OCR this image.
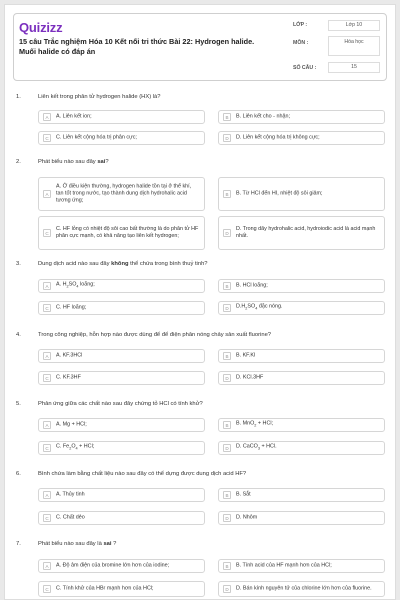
Quizizz
15 câu Trắc nghiệm Hóa 10 Kết nối tri thức Bài 22: Hydrogen halide. Muối halide có đáp án
LỚP :	Lớp 10
MÔN :	Hóa học
SỐ CÂU :	15
1.	Liên kết trong phân tử hydrogen halide (HX) là?
A	A. Liên kết ion;	B	B. Liên kết cho - nhận;
C	C. Liên kết cộng hóa trị phân cực;	D	D. Liên kết cộng hóa trị không cực;
2.	Phát biểu nào sau đây sai?
A
A. Ở điều kiện thường, hydrogen halide tồn tại ở thể khí, tan tốt trong nước, tạo thành dung dịch hydrohalic acid tương ứng;
B	B. Từ HCl đến HI, nhiệt độ sôi giảm;
C
C. HF lỏng có nhiệt độ sôi cao bất thường là do phân tử HF phân cực mạnh, có khả năng tạo liên kết hydrogen;	D
D. Trong dãy hydrohalic acid, hydroiodic acid là acid mạnh nhất.
3.	Dung dịch acid nào sau đây không thể chứa trong bình thuỷ tinh?
A	A. $H_2SO_4$ loãng;	B	B. HCl loãng;
C	C. HF loãng;	D	$D.H_2SO_4$ đặc nóng.
4.	Trong công nghiệp, hỗn hợp nào được dùng để để điện phân nóng chảy sản xuất fluorine?
A	A. KF.3HCl	B	B. KF.KI
C	C. KF.3HF	D	D. KCl.3HF
5.	Phản ứng giữa các chất nào sau đây chứng tỏ HCl có tính khử?
A	A. Mg + HCl;	B	B. MnO$_2$ + HCl;
C	C. $Fe_2O_4$ + HCl;	D	D. CaCO$_3$ + HCl.
6.	Bình chứa làm bằng chất liệu nào sau đây có thể dựng được dung dịch acid HF?
A	A. Thủy tinh	B	B. Sắt
C	C. Chất dẻo	D	D. Nhôm
7.	Phát biểu nào sau đây là sai ?
A	A. Độ âm điện của bromine lớn hơn của iodine;	B	B. Tính acid của HF mạnh hơn của HCl;
C	C. Tính khử của HBr mạnh hơn của HCl;	D	D. Bán kính nguyên tử của chlorine lớn hơn của fluorine.
